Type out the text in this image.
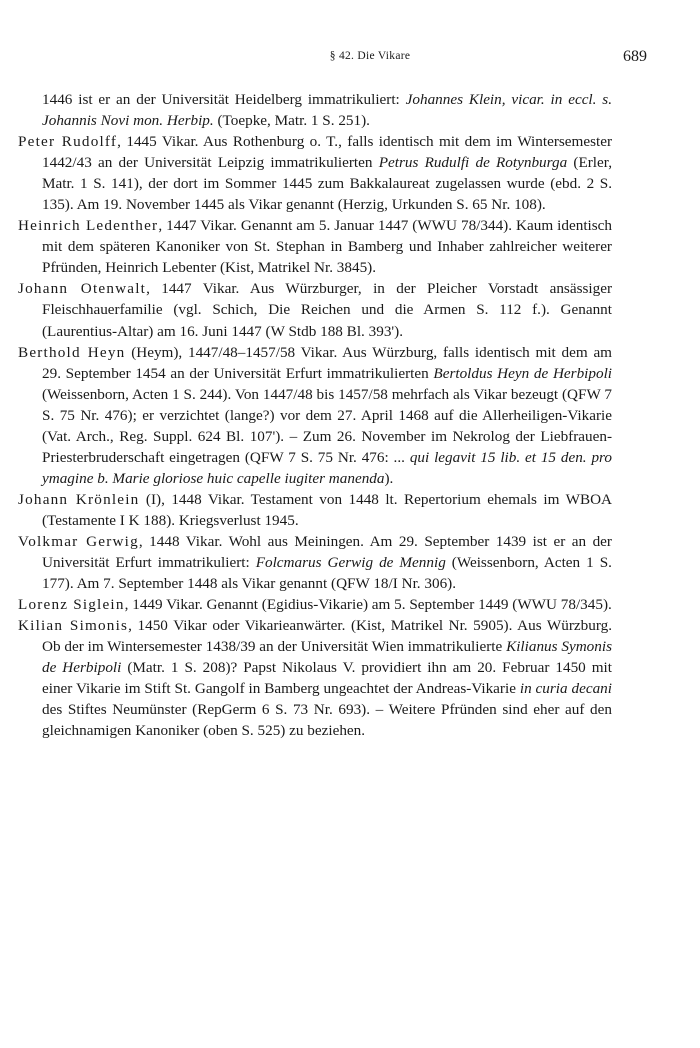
§ 42. Die Vikare	689

1446 ist er an der Universität Heidelberg immatrikuliert: Johannes Klein, vicar. in eccl. s. Johannis Novi mon. Herbip. (Toepke, Matr. 1 S. 251).

Peter Rudolff, 1445 Vikar. Aus Rothenburg o. T., falls identisch mit dem im Wintersemester 1442/43 an der Universität Leipzig immatrikulierten Petrus Rudulfi de Rotynburga (Erler, Matr. 1 S. 141), der dort im Sommer 1445 zum Bakkalaureat zugelassen wurde (ebd. 2 S. 135). Am 19. November 1445 als Vikar genannt (Herzig, Urkunden S. 65 Nr. 108).

Heinrich Ledenther, 1447 Vikar. Genannt am 5. Januar 1447 (WWU 78/344). Kaum identisch mit dem späteren Kanoniker von St. Stephan in Bamberg und Inhaber zahlreicher weiterer Pfründen, Heinrich Lebenter (Kist, Matrikel Nr. 3845).

Johann Otenwalt, 1447 Vikar. Aus Würzburger, in der Pleicher Vorstadt ansässiger Fleischhauerfamilie (vgl. Schich, Die Reichen und die Armen S. 112 f.). Genannt (Laurentius-Altar) am 16. Juni 1447 (W Stdb 188 Bl. 393').

Berthold Heyn (Heym), 1447/48–1457/58 Vikar. Aus Würzburg, falls identisch mit dem am 29. September 1454 an der Universität Erfurt immatrikulierten Bertoldus Heyn de Herbipoli (Weissenborn, Acten 1 S. 244). Von 1447/48 bis 1457/58 mehrfach als Vikar bezeugt (QFW 7 S. 75 Nr. 476); er verzichtet (lange?) vor dem 27. April 1468 auf die Allerheiligen-Vikarie (Vat. Arch., Reg. Suppl. 624 Bl. 107'). – Zum 26. November im Nekrolog der Liebfrauen-Priesterbruderschaft eingetragen (QFW 7 S. 75 Nr. 476: ... qui legavit 15 lib. et 15 den. pro ymagine b. Marie gloriose huic capelle iugiter manenda).

Johann Krönlein (I), 1448 Vikar. Testament von 1448 lt. Repertorium ehemals im WBOA (Testamente I K 188). Kriegsverlust 1945.

Volkmar Gerwig, 1448 Vikar. Wohl aus Meiningen. Am 29. September 1439 ist er an der Universität Erfurt immatrikuliert: Folcmarus Gerwig de Mennig (Weissenborn, Acten 1 S. 177). Am 7. September 1448 als Vikar genannt (QFW 18/I Nr. 306).

Lorenz Siglein, 1449 Vikar. Genannt (Egidius-Vikarie) am 5. September 1449 (WWU 78/345).

Kilian Simonis, 1450 Vikar oder Vikarieanwärter. (Kist, Matrikel Nr. 5905). Aus Würzburg. Ob der im Wintersemester 1438/39 an der Universität Wien immatrikulierte Kilianus Symonis de Herbipoli (Matr. 1 S. 208)? Papst Nikolaus V. providiert ihn am 20. Februar 1450 mit einer Vikarie im Stift St. Gangolf in Bamberg ungeachtet der Andreas-Vikarie in curia decani des Stiftes Neumünster (RepGerm 6 S. 73 Nr. 693). – Weitere Pfründen sind eher auf den gleichnamigen Kanoniker (oben S. 525) zu beziehen.
